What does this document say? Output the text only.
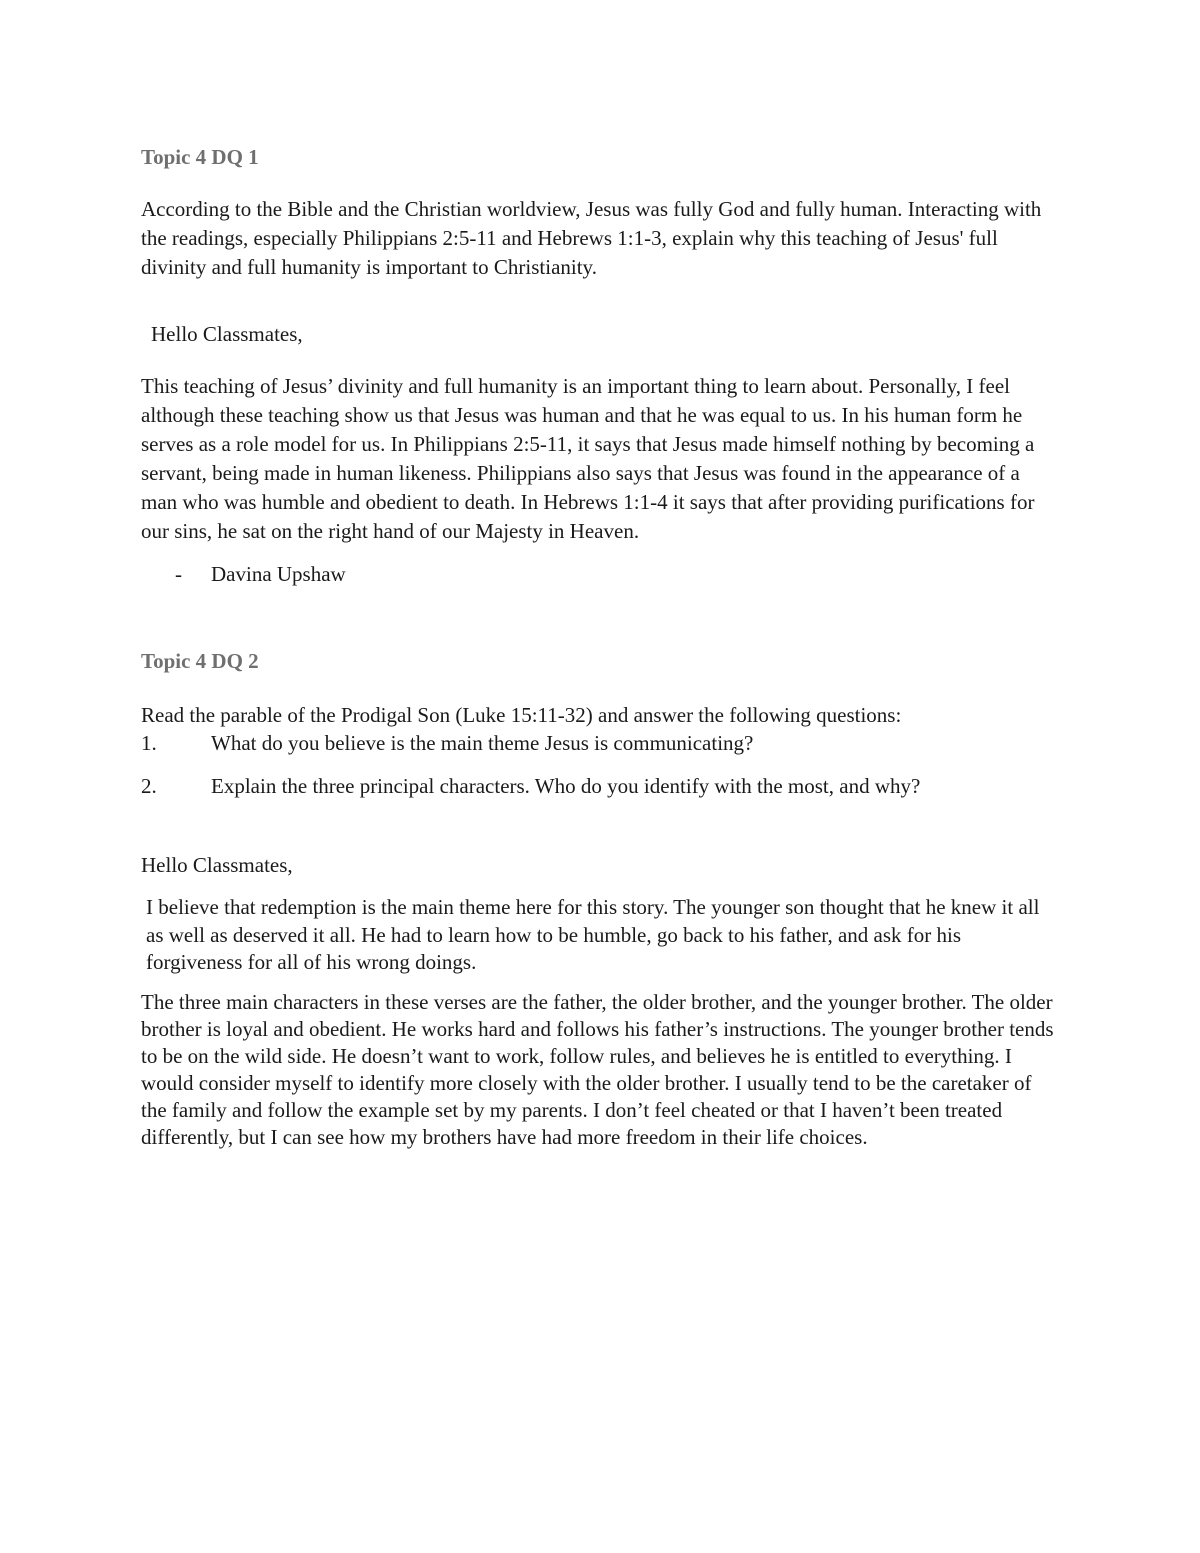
Topic 4 DQ 1

According to the Bible and the Christian worldview, Jesus was fully God and fully human. Interacting with the readings, especially Philippians 2:5-11 and Hebrews 1:1-3, explain why this teaching of Jesus' full divinity and full humanity is important to Christianity.

Hello Classmates,

This teaching of Jesus’ divinity and full humanity is an important thing to learn about. Personally, I feel although these teaching show us that Jesus was human and that he was equal to us. In his human form he serves as a role model for us. In Philippians 2:5-11, it says that Jesus made himself nothing by becoming a servant, being made in human likeness. Philippians also says that Jesus was found in the appearance of a man who was humble and obedient to death. In Hebrews 1:1-4 it says that after providing purifications for our sins, he sat on the right hand of our Majesty in Heaven.

-	Davina Upshaw
Topic 4 DQ 2

Read the parable of the Prodigal Son (Luke 15:11-32) and answer the following questions:

1.	What do you believe is the main theme Jesus is communicating?
2.	Explain the three principal characters. Who do you identify with the most, and why?

Hello Classmates,

I believe that redemption is the main theme here for this story. The younger son thought that he knew it all as well as deserved it all. He had to learn how to be humble, go back to his father, and ask for his forgiveness for all of his wrong doings.

The three main characters in these verses are the father, the older brother, and the younger brother. The older brother is loyal and obedient. He works hard and follows his father’s instructions. The younger brother tends to be on the wild side. He doesn’t want to work, follow rules, and believes he is entitled to everything. I would consider myself to identify more closely with the older brother. I usually tend to be the caretaker of the family and follow the example set by my parents. I don’t feel cheated or that I haven’t been treated differently, but I can see how my brothers have had more freedom in their life choices.
